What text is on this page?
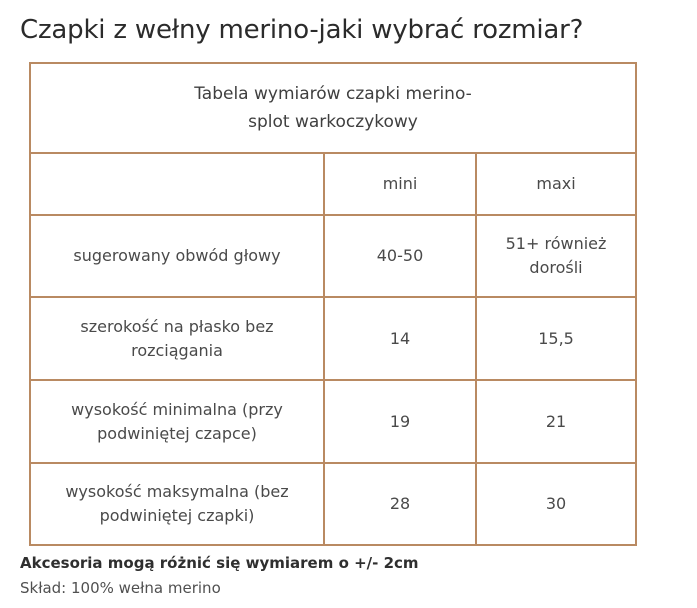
Czapki z wełny merino-jaki wybrać rozmiar?
Tabela wymiarów czapki merino-
splot warkoczykowy		

	mini	maxi

sugerowany obwód głowy	40-50	51+ również
dorośli

szerokość na płasko bez
rozciągania	14	15,5

wysokość minimalna (przy
podwiniętej czapce)	19	21

wysokość maksymalna (bez
podwiniętej czapki)	28	30

Akcesoria mogą różnić się wymiarem o +/- 2cm

Skład: 100% wełna merino
